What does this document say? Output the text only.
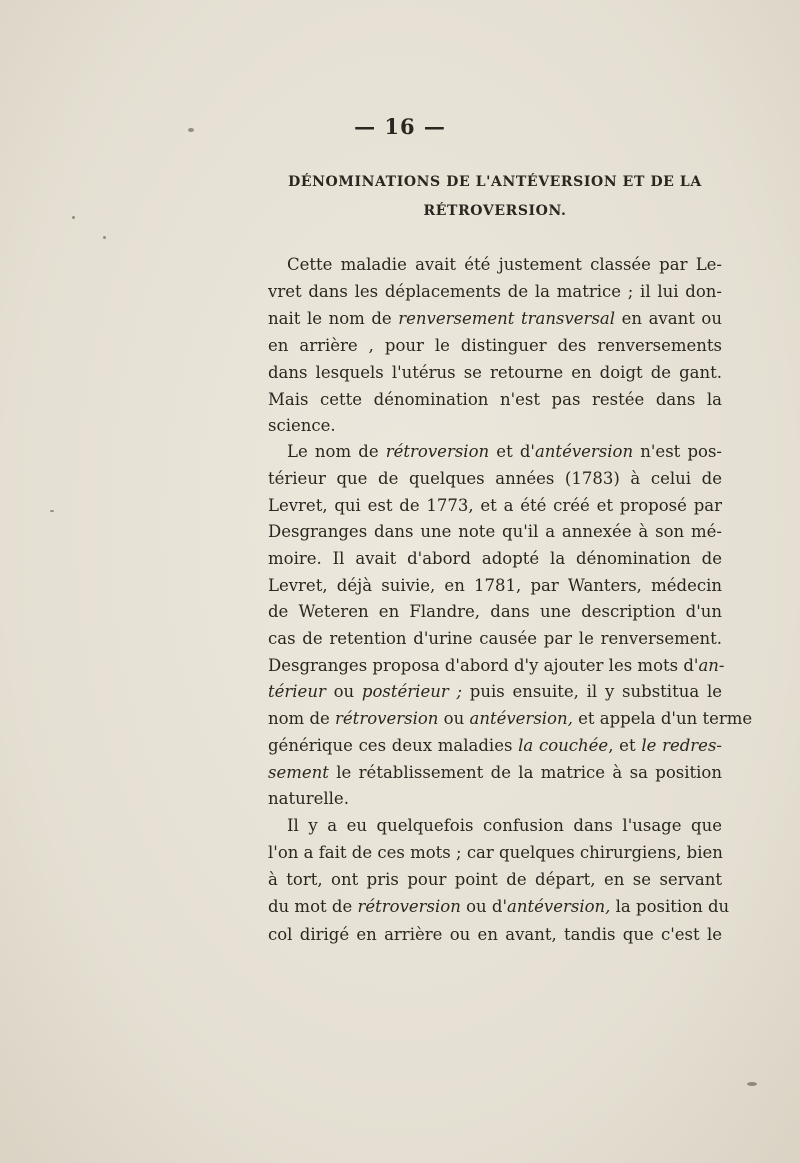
— 16 —
DÉNOMINATIONS DE L'ANTÉVERSION ET DE LA
RÉTROVERSION.
Cette maladie avait été justement classée par Le-
vret dans les déplacements de la matrice ; il lui don-
nait le nom de renversement transversal en avant ou
en arrière , pour le distinguer des renversements
dans lesquels l'utérus se retourne en doigt de gant.
Mais cette dénomination n'est pas restée dans la
science.
Le nom de rétroversion et d'antéversion n'est pos-
térieur que de quelques années (1783) à celui de
Levret, qui est de 1773, et a été créé et proposé par
Desgranges dans une note qu'il a annexée à son mé-
moire. Il avait d'abord adopté la dénomination de
Levret, déjà suivie, en 1781, par Wanters, médecin
de Weteren en Flandre, dans une description d'un
cas de retention d'urine causée par le renversement.
Desgranges proposa d'abord d'y ajouter les mots d'an-
térieur ou postérieur ; puis ensuite, il y substitua le
nom de rétroversion ou antéversion, et appela d'un terme
générique ces deux maladies la couchée, et le redres-
sement le rétablissement de la matrice à sa position
naturelle.
Il y a eu quelquefois confusion dans l'usage que
l'on a fait de ces mots ; car quelques chirurgiens, bien
à tort, ont pris pour point de départ, en se servant
du mot de rétroversion ou d'antéversion, la position du
col dirigé en arrière ou en avant, tandis que c'est le
